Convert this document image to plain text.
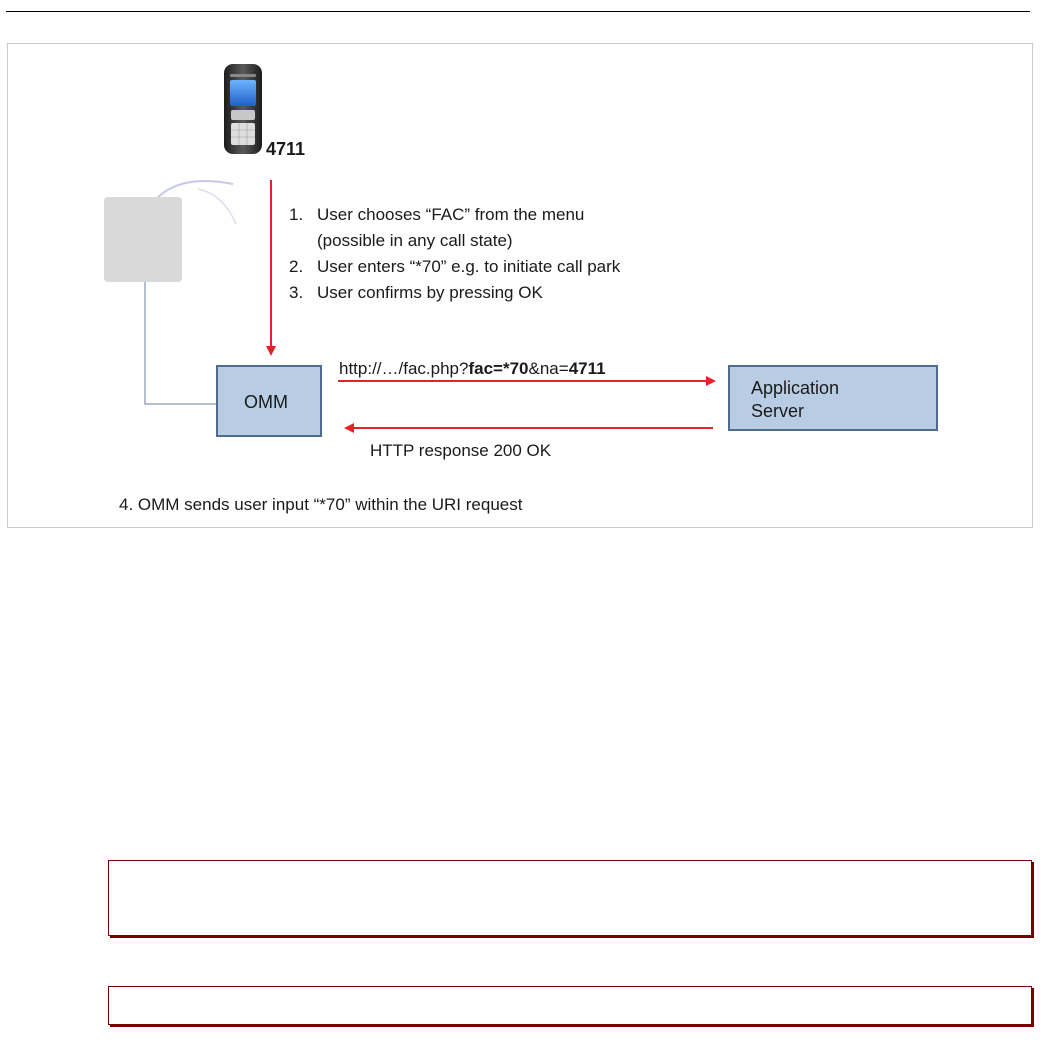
4711
1. User chooses “FAC” from the menu
(possible in any call state)
2. User enters “*70” e.g. to initiate call park
3. User confirms by pressing OK
OMM
Application
Server
http://…/fac.php?fac=*70&na=4711
HTTP response 200 OK
4. OMM sends user input “*70” within the URI request
